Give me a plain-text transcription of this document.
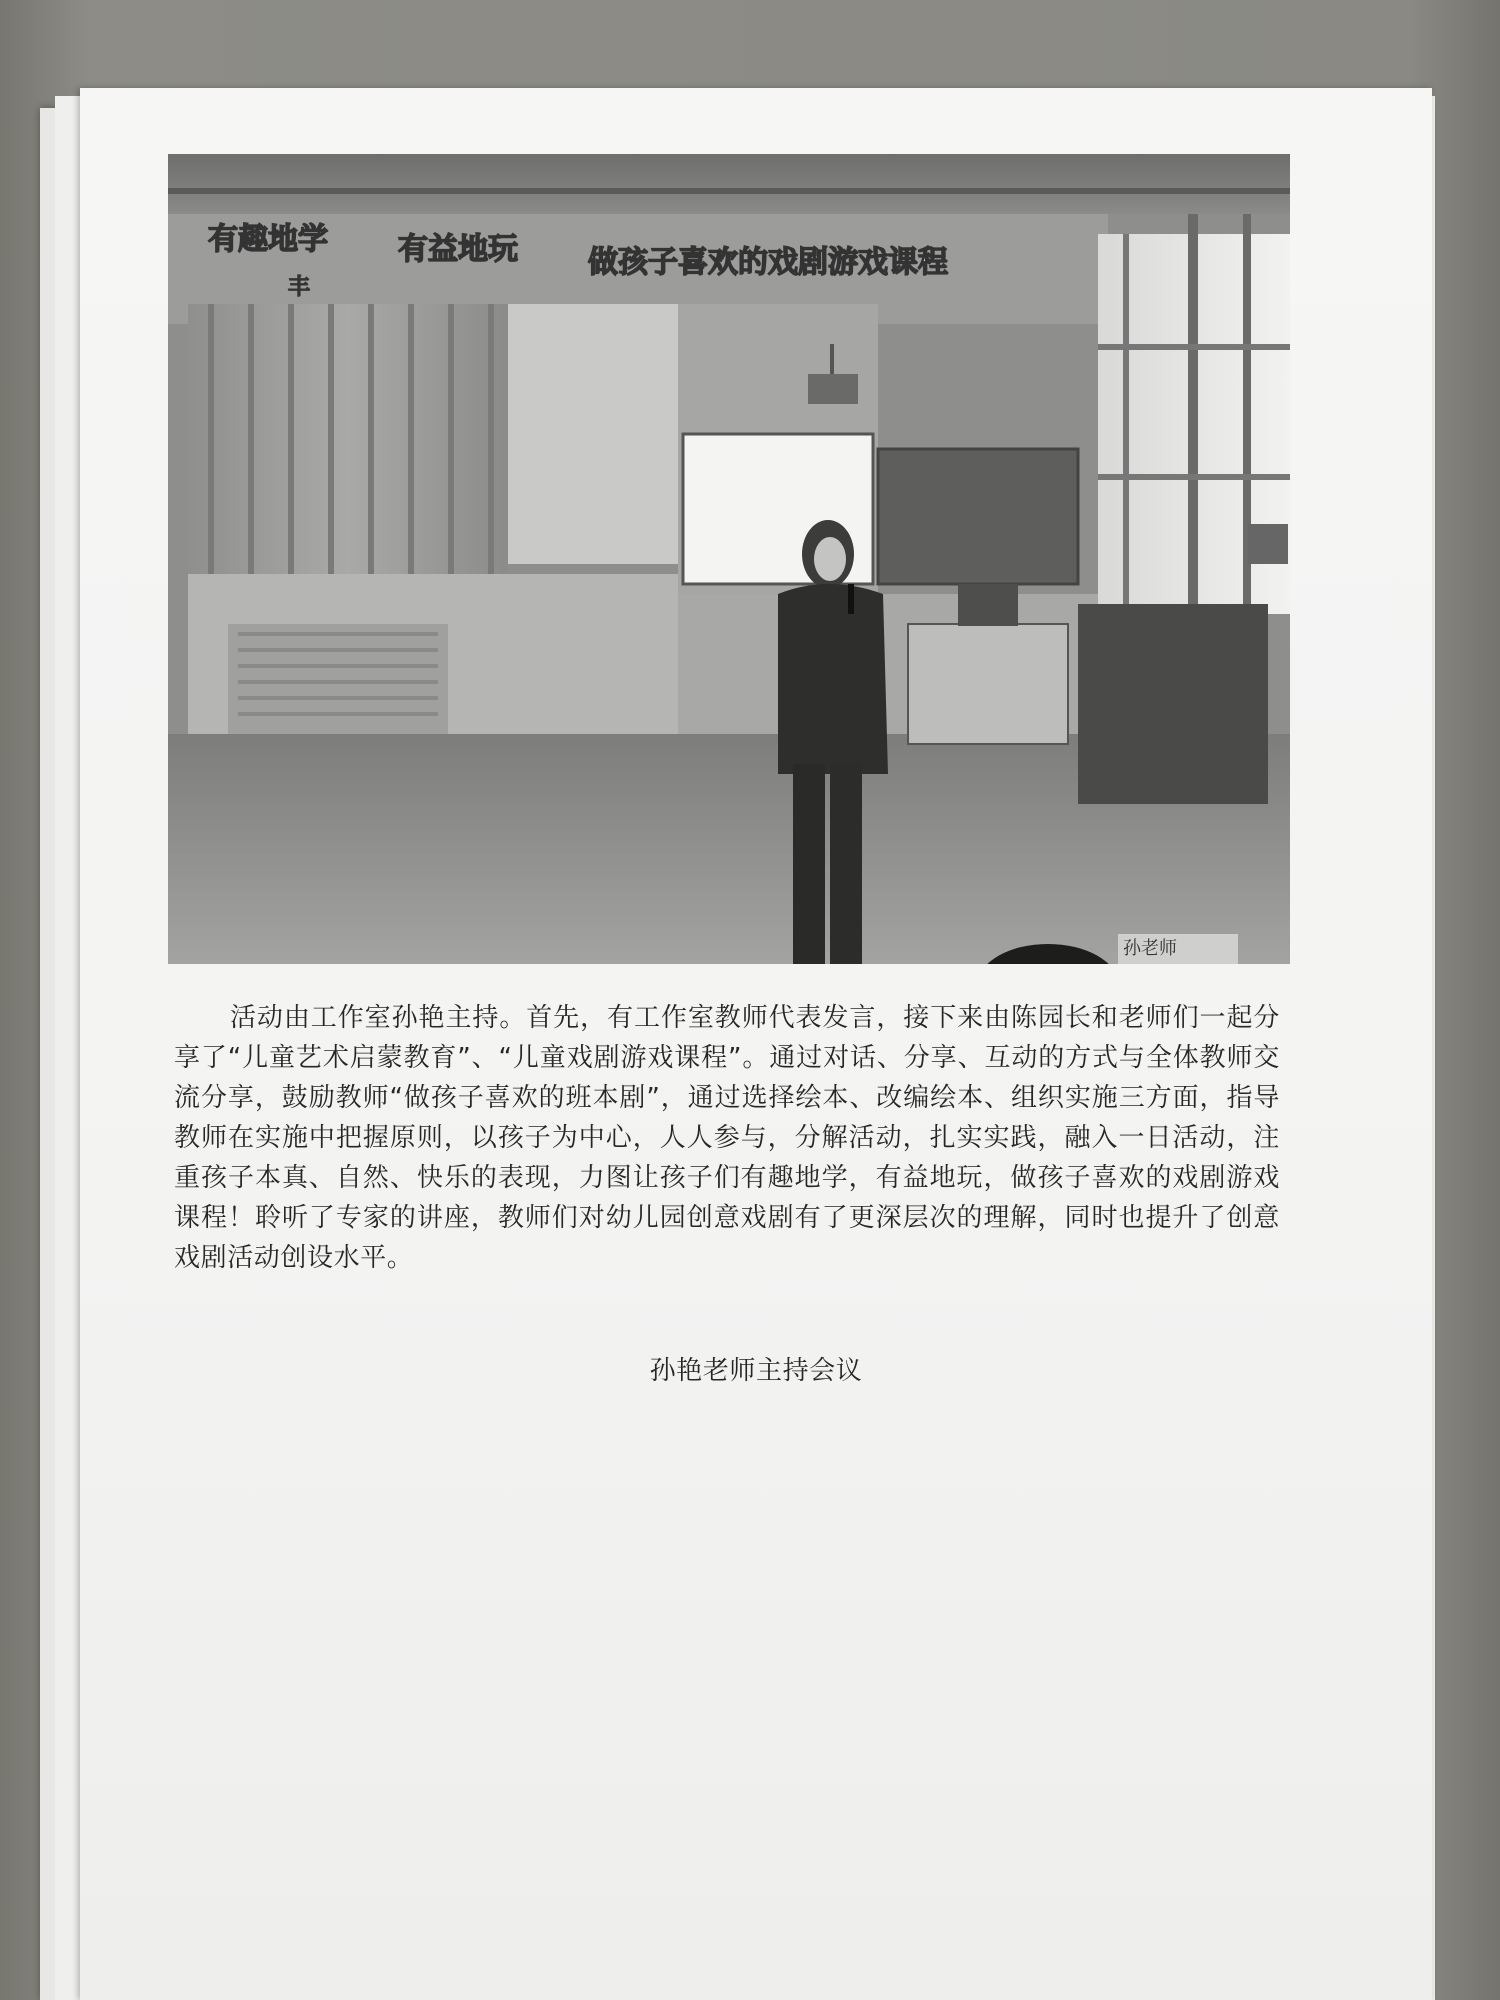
有趣地学 有益地玩 做孩子喜欢的戏剧游戏课程
丰
孙老师

活动由工作室孙艳主持。首先，有工作室教师代表发言，接下来由陈园长和老师们一起分享了“儿童艺术启蒙教育”、“儿童戏剧游戏课程”。通过对话、分享、互动的方式与全体教师交流分享，鼓励教师“做孩子喜欢的班本剧”，通过选择绘本、改编绘本、组织实施三方面，指导教师在实施中把握原则，以孩子为中心，人人参与，分解活动，扎实实践，融入一日活动，注重孩子本真、自然、快乐的表现，力图让孩子们有趣地学，有益地玩，做孩子喜欢的戏剧游戏课程！聆听了专家的讲座，教师们对幼儿园创意戏剧有了更深层次的理解，同时也提升了创意戏剧活动创设水平。

孙艳老师主持会议
